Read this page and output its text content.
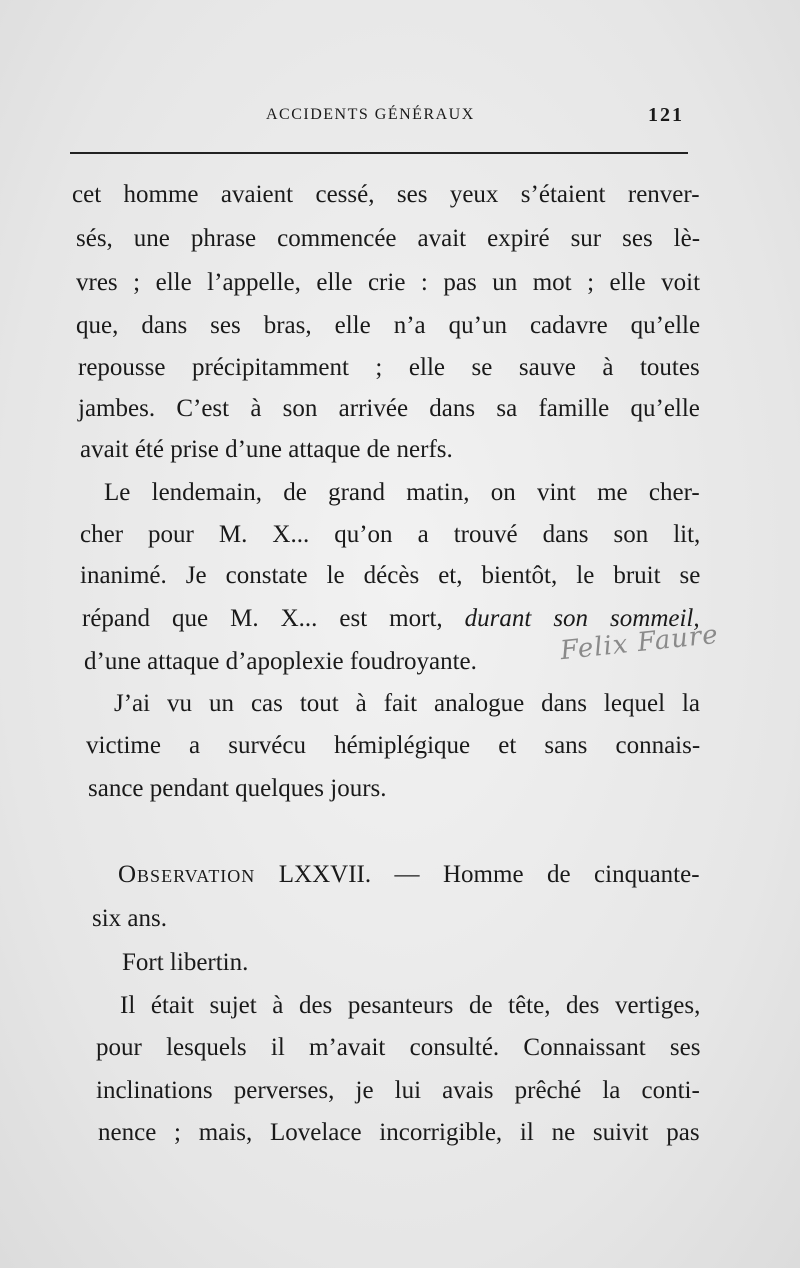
ACCIDENTS GÉNÉRAUX	121
cet homme avaient cessé, ses yeux s’étaient renver-
sés, une phrase commencée avait expiré sur ses lè-
vres ; elle l’appelle, elle crie : pas un mot ; elle voit
que, dans ses bras, elle n’a qu’un cadavre qu’elle
repousse précipitamment ; elle se sauve à toutes
jambes. C’est à son arrivée dans sa famille qu’elle
avait été prise d’une attaque de nerfs.
Le lendemain, de grand matin, on vint me cher-
cher pour M. X... qu’on a trouvé dans son lit,
inanimé. Je constate le décès et, bientôt, le bruit se
répand que M. X... est mort, durant son sommeil,
d’une attaque d’apoplexie foudroyante.
J’ai vu un cas tout à fait analogue dans lequel la
victime a survécu hémiplégique et sans connais-
sance pendant quelques jours.
Observation LXXVII. — Homme de cinquante-
six ans.
Fort libertin.
Il était sujet à des pesanteurs de tête, des vertiges,
pour lesquels il m’avait consulté. Connaissant ses
inclinations perverses, je lui avais prêché la conti-
nence ; mais, Lovelace incorrigible, il ne suivit pas
Felix Faure
